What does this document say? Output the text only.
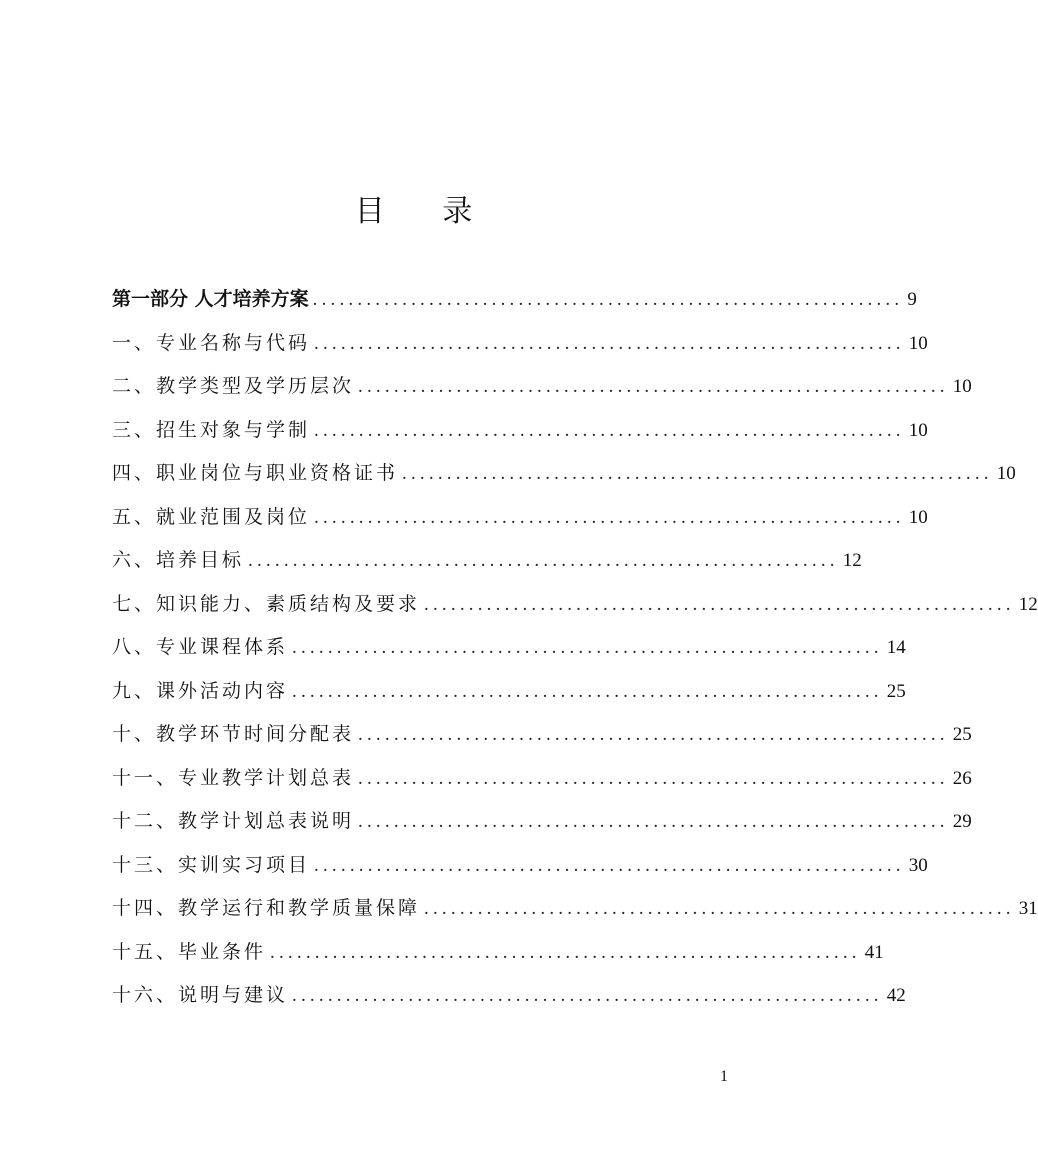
目 录
第一部分 人才培养方案 .................................................................. 9
一、专业名称与代码 .................................................................. 10
二、教学类型及学历层次 .................................................................. 10
三、招生对象与学制 .................................................................. 10
四、职业岗位与职业资格证书 .................................................................. 10
五、就业范围及岗位 .................................................................. 10
六、培养目标 .................................................................. 12
七、知识能力、素质结构及要求 .................................................................. 12
八、专业课程体系 .................................................................. 14
九、课外活动内容 .................................................................. 25
十、教学环节时间分配表 .................................................................. 25
十一、专业教学计划总表 .................................................................. 26
十二、教学计划总表说明 .................................................................. 29
十三、实训实习项目 .................................................................. 30
十四、教学运行和教学质量保障 .................................................................. 31
十五、毕业条件 .................................................................. 41
十六、说明与建议 .................................................................. 42
1
